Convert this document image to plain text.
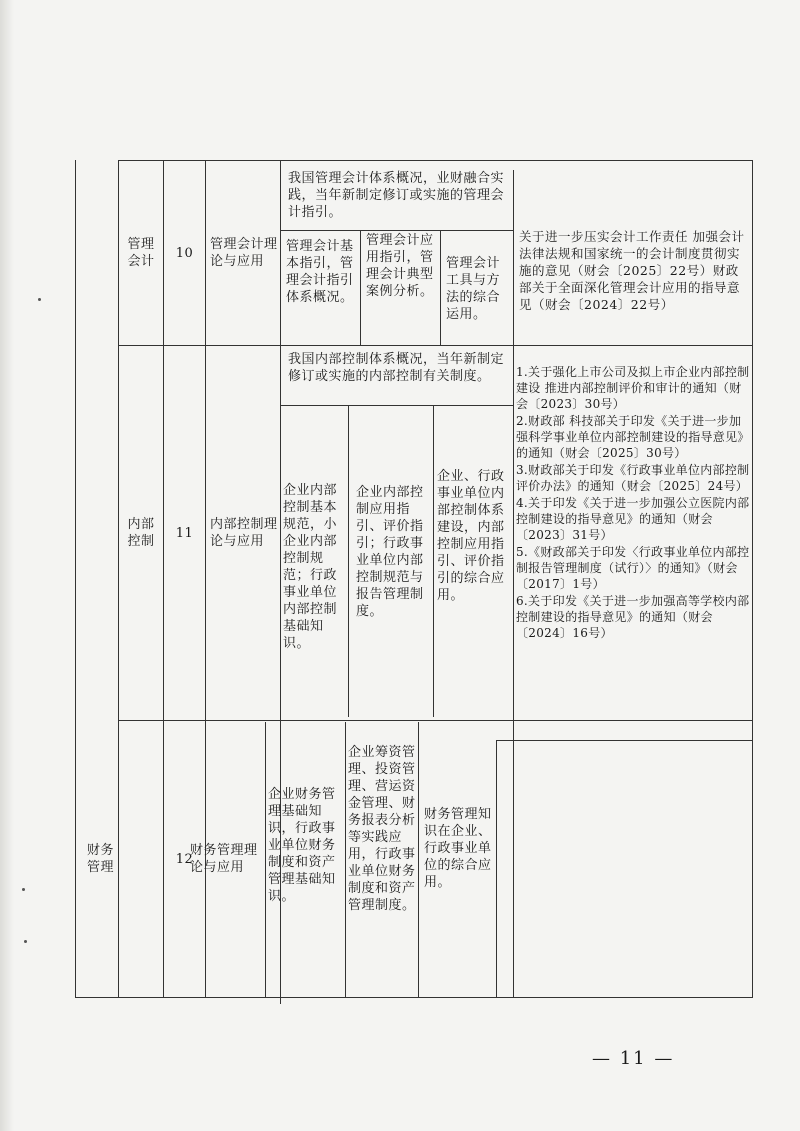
管理
会计
10
管理会计理论与应用
我国管理会计体系概况，业财融合实践，当年新制定修订或实施的管理会计指引。
管理会计基本指引，管理会计指引体系概况。
管理会计应用指引，管理会计典型案例分析。
管理会计工具与方法的综合运用。
关于进一步压实会计工作责任 加强会计法律法规和国家统一的会计制度贯彻实施的意见（财会〔2025〕22号）财政部关于全面深化管理会计应用的指导意见（财会〔2024〕22号）
内部
控制
11
内部控制理论与应用
我国内部控制体系概况，当年新制定修订或实施的内部控制有关制度。
企业内部控制基本规范，小企业内部控制规范；行政事业单位内部控制基础知识。
企业内部控制应用指引、评价指引；行政事业单位内部控制规范与报告管理制度。
企业、行政事业单位内部控制体系建设，内部控制应用指引、评价指引的综合应用。
1.关于强化上市公司及拟上市企业内部控制建设 推进内部控制评价和审计的通知（财会〔2023〕30号）
2.财政部 科技部关于印发《关于进一步加强科学事业单位内部控制建设的指导意见》的通知（财会〔2025〕30号）
3.财政部关于印发《行政事业单位内部控制评价办法》的通知（财会〔2025〕24号）
4.关于印发《关于进一步加强公立医院内部控制建设的指导意见》的通知（财会〔2023〕31号）
5.《财政部关于印发〈行政事业单位内部控制报告管理制度（试行）〉的通知》（财会〔2017〕1号）
6.关于印发《关于进一步加强高等学校内部控制建设的指导意见》的通知（财会〔2024〕16号）
财务
管理
12
财务管理理论与应用
企业财务管理基础知识，行政事业单位财务制度和资产管理基础知识。
企业筹资管理、投资管理、营运资金管理、财务报表分析等实践应用，行政事业单位财务制度和资产管理制度。
财务管理知识在企业、行政事业单位的综合应用。
— 11 —
